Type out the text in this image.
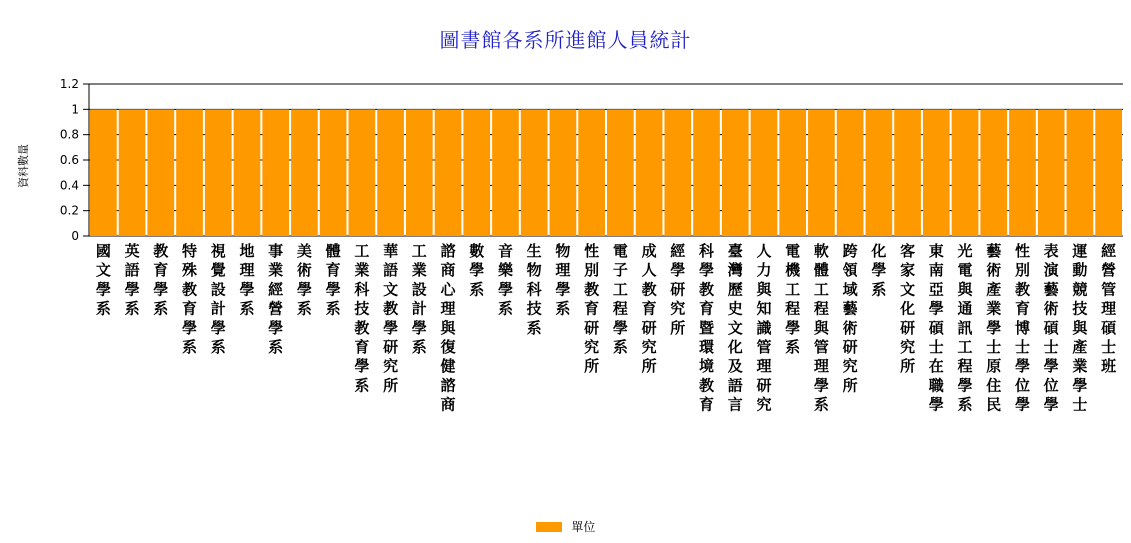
圖書館各系所進館人員統計
資料數量
0
0.2
0.4
0.6
0.8
1
1.2
國
文
學
系
英
語
學
系
教
育
學
系
特
殊
教
育
學
系
視
覺
設
計
學
系
地
理
學
系
事
業
經
營
學
系
美
術
學
系
體
育
學
系
工
業
科
技
教
育
學
系
華
語
文
教
學
研
究
所
工
業
設
計
學
系
諮
商
心
理
與
復
健
諮
商
數
學
系
音
樂
學
系
生
物
科
技
系
物
理
學
系
性
別
教
育
研
究
所
電
子
工
程
學
系
成
人
教
育
研
究
所
經
學
研
究
所
科
學
教
育
暨
環
境
教
育
臺
灣
歷
史
文
化
及
語
言
人
力
與
知
識
管
理
研
究
電
機
工
程
學
系
軟
體
工
程
與
管
理
學
系
跨
領
域
藝
術
研
究
所
化
學
系
客
家
文
化
研
究
所
東
南
亞
學
碩
士
在
職
學
光
電
與
通
訊
工
程
學
系
藝
術
產
業
學
士
原
住
民
性
別
教
育
博
士
學
位
學
表
演
藝
術
碩
士
學
位
學
運
動
競
技
與
產
業
學
士
經
營
管
理
碩
士
班
單位
